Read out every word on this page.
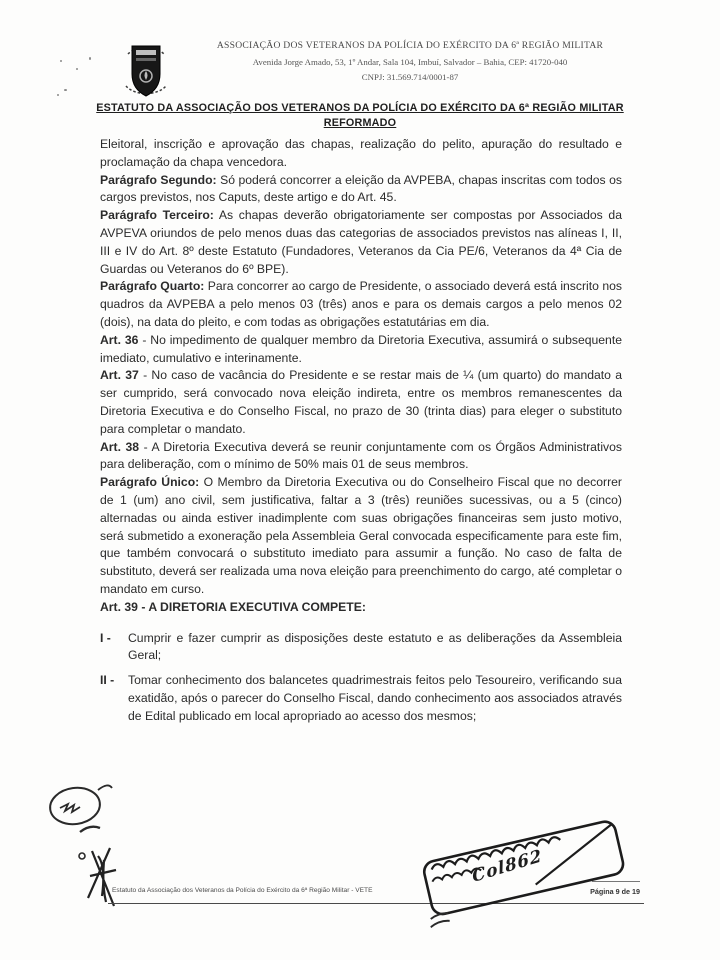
ASSOCIAÇÃO DOS VETERANOS DA POLÍCIA DO EXÉRCITO DA 6ª REGIÃO MILITAR
Avenida Jorge Amado, 53, 1º Andar, Sala 104, Imbuí, Salvador – Bahia, CEP: 41720-040
CNPJ: 31.569.714/0001-87
ESTATUTO DA ASSOCIAÇÃO DOS VETERANOS DA POLÍCIA DO EXÉRCITO DA 6ª REGIÃO MILITAR
REFORMADO

Eleitoral, inscrição e aprovação das chapas, realização do pelito, apuração do resultado e proclamação da chapa vencedora.

Parágrafo Segundo: Só poderá concorrer a eleição da AVPEBA, chapas inscritas com todos os cargos previstos, nos Caputs, deste artigo e do Art. 45.

Parágrafo Terceiro: As chapas deverão obrigatoriamente ser compostas por Associados da AVPEVA oriundos de pelo menos duas das categorias de associados previstos nas alíneas I, II, III e IV do Art. 8º deste Estatuto (Fundadores, Veteranos da Cia PE/6, Veteranos da 4ª Cia de Guardas ou Veteranos do 6º BPE).

Parágrafo Quarto: Para concorrer ao cargo de Presidente, o associado deverá está inscrito nos quadros da AVPEBA a pelo menos 03 (três) anos e para os demais cargos a pelo menos 02 (dois), na data do pleito, e com todas as obrigações estatutárias em dia.

Art. 36 - No impedimento de qualquer membro da Diretoria Executiva, assumirá o subsequente imediato, cumulativo e interinamente.

Art. 37 - No caso de vacância do Presidente e se restar mais de ¼ (um quarto) do mandato a ser cumprido, será convocado nova eleição indireta, entre os membros remanescentes da Diretoria Executiva e do Conselho Fiscal, no prazo de 30 (trinta dias) para eleger o substituto para completar o mandato.

Art. 38 - A Diretoria Executiva deverá se reunir conjuntamente com os Órgãos Administrativos para deliberação, com o mínimo de 50% mais 01 de seus membros.

Parágrafo Único: O Membro da Diretoria Executiva ou do Conselheiro Fiscal que no decorrer de 1 (um) ano civil, sem justificativa, faltar a 3 (três) reuniões sucessivas, ou a 5 (cinco) alternadas ou ainda estiver inadimplente com suas obrigações financeiras sem justo motivo, será submetido a exoneração pela Assembleia Geral convocada especificamente para este fim, que também convocará o substituto imediato para assumir a função. No caso de falta de substituto, deverá ser realizada uma nova eleição para preenchimento do cargo, até completar o mandato em curso.

Art. 39 - A DIRETORIA EXECUTIVA COMPETE:

I -	Cumprir e fazer cumprir as disposições deste estatuto e as deliberações da Assembleia Geral;
II -	Tomar conhecimento dos balancetes quadrimestrais feitos pelo Tesoureiro, verificando sua exatidão, após o parecer do Conselho Fiscal, dando conhecimento aos associados através de Edital publicado em local apropriado ao acesso dos mesmos;
Col862
Estatuto da Associação dos Veteranos da Polícia do Exército da 6ª Região Militar - VETE	Página 9 de 19
